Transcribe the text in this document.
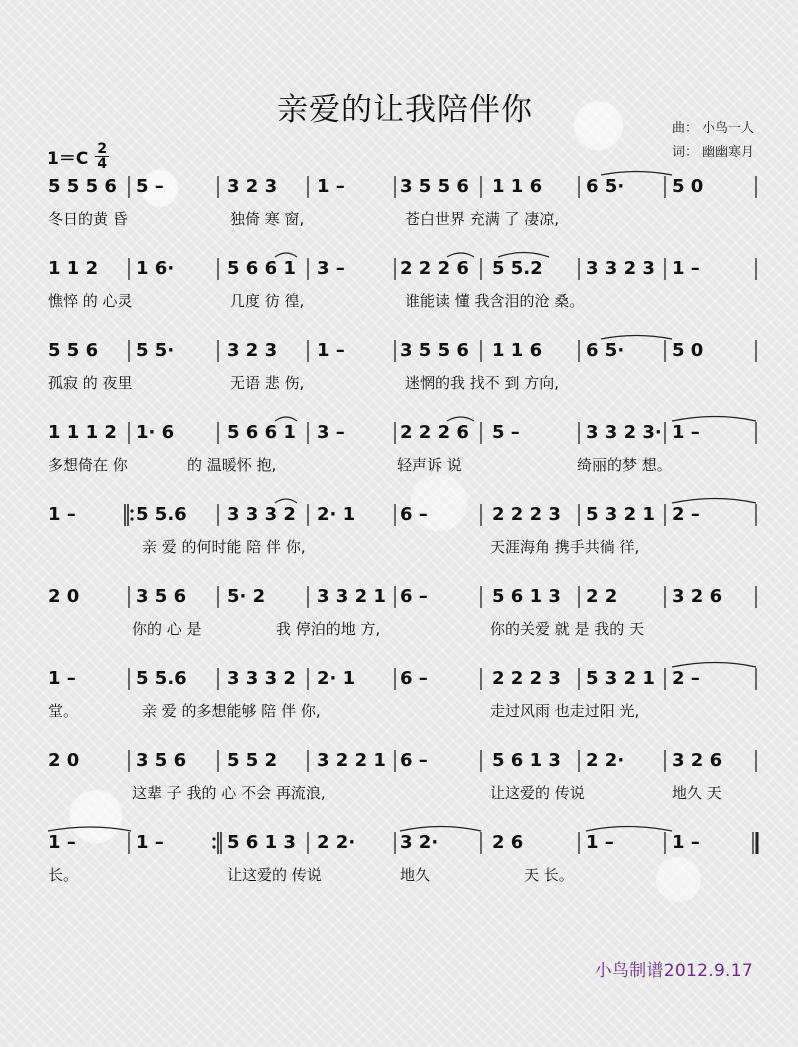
亲爱的让我陪伴你
曲： 小鸟一人
词： 幽幽寒月
1＝C 2
4
5 5 5 6 5 –	3 2 3 1 –	3 5 5 6 1 1 6 6 5·	5 0
冬日的黄 昏	独倚 寒 窗,	苍白世界 充满 了 凄凉,
1 1 2 1 6·	5 6 6 1 3 –	2 2 2 6 5 5.2 3 3 2 3 1 –
憔悴 的 心灵	几度 彷 徨,	谁能读 懂 我含泪的沧 桑。
5 5 6 5 5·	3 2 3 1 –	3 5 5 6 1 1 6 6 5·	5 0
孤寂 的 夜里	无语 悲 伤,	迷惘的我 找不 到 方向,
1 1 1 2 1· 6	5 6 6 1 3 –	2 2 2 6 5 –	3 3 2 3· 1 –
多想倚在 你	的 温暖怀 抱,	轻声诉 说	绮丽的梦 想。
1 –	5 5.6 3 3 3 2 2· 1 6 –	2 2 2 3 5 3 2 1 2 –
亲 爱 的何时能 陪 伴 你,	天涯海角 携手共徜 徉,
2 0	3 5 6 5· 2	3 3 2 1 6 –	5 6 1 3 2 2	3 2 6
你的 心 是	我 停泊的地 方,	你的关爱 就 是 我的 天
1 –	5 5.6 3 3 3 2 2· 1 6 –	2 2 2 3 5 3 2 1 2 –
堂。	亲 爱 的多想能够 陪 伴 你,	走过风雨 也走过阳 光,
2 0	3 5 6 5 5 2 3 2 2 1 6 –	5 6 1 3 2 2·	3 2 6
这辈 子 我的 心 不会 再流浪,	让这爱的 传说	地久 天
1 –	1 –	5 6 1 3 2 2· 3 2·	2 6	1 –	1 –
长。	让这爱的 传说	地久	天 长。
小鸟制谱2012.9.17
